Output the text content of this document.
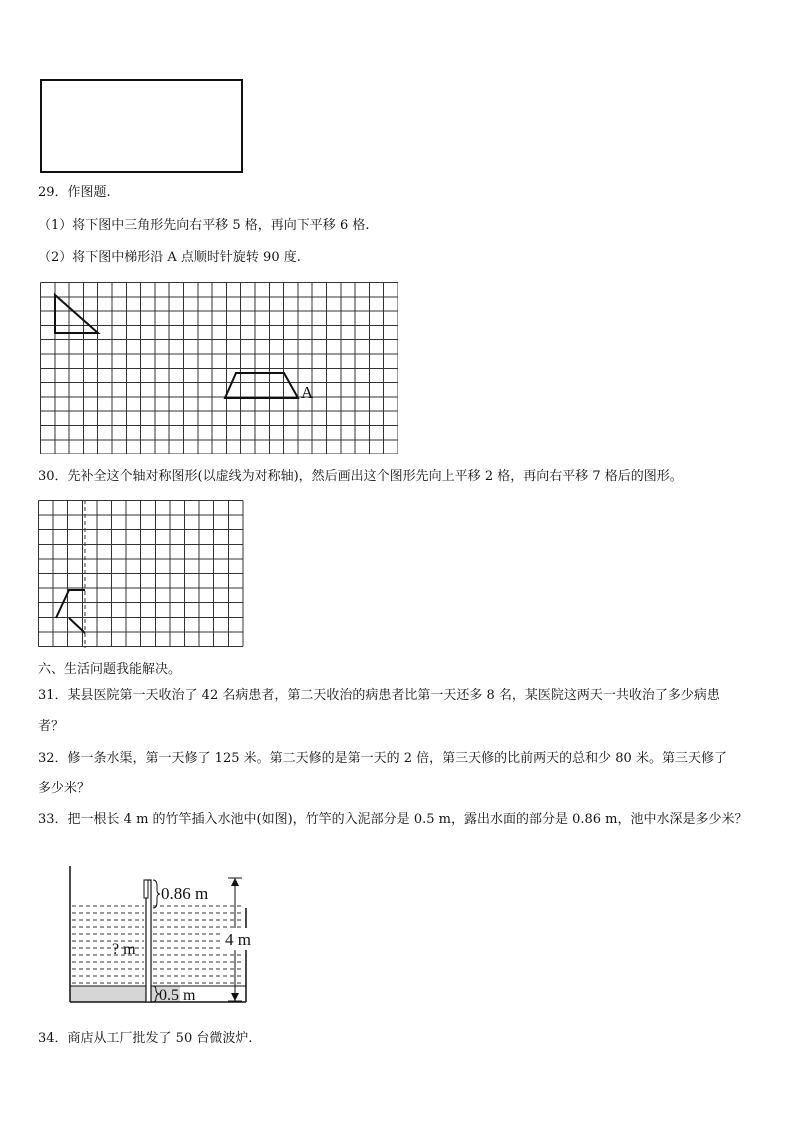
29．作图题.
（1）将下图中三角形先向右平移 5 格，再向下平移 6 格.
（2）将下图中梯形沿 A 点顺时针旋转 90 度.
A
30．先补全这个轴对称图形(以虚线为对称轴)，然后画出这个图形先向上平移 2 格，再向右平移 7 格后的图形。
六、生活问题我能解决。
31．某县医院第一天收治了 42 名病患者，第二天收治的病患者比第一天还多 8 名，某医院这两天一共收治了多少病患
者？
32．修一条水渠，第一天修了 125 米。第二天修的是第一天的 2 倍，第三天修的比前两天的总和少 80 米。第三天修了
多少米？
33．把一根长 4 m 的竹竿插入水池中(如图)，竹竿的入泥部分是 0.5 m，露出水面的部分是 0.86 m，池中水深是多少米？
0.86 m
? m
0.5 m
4 m
34．商店从工厂批发了 50 台微波炉.
